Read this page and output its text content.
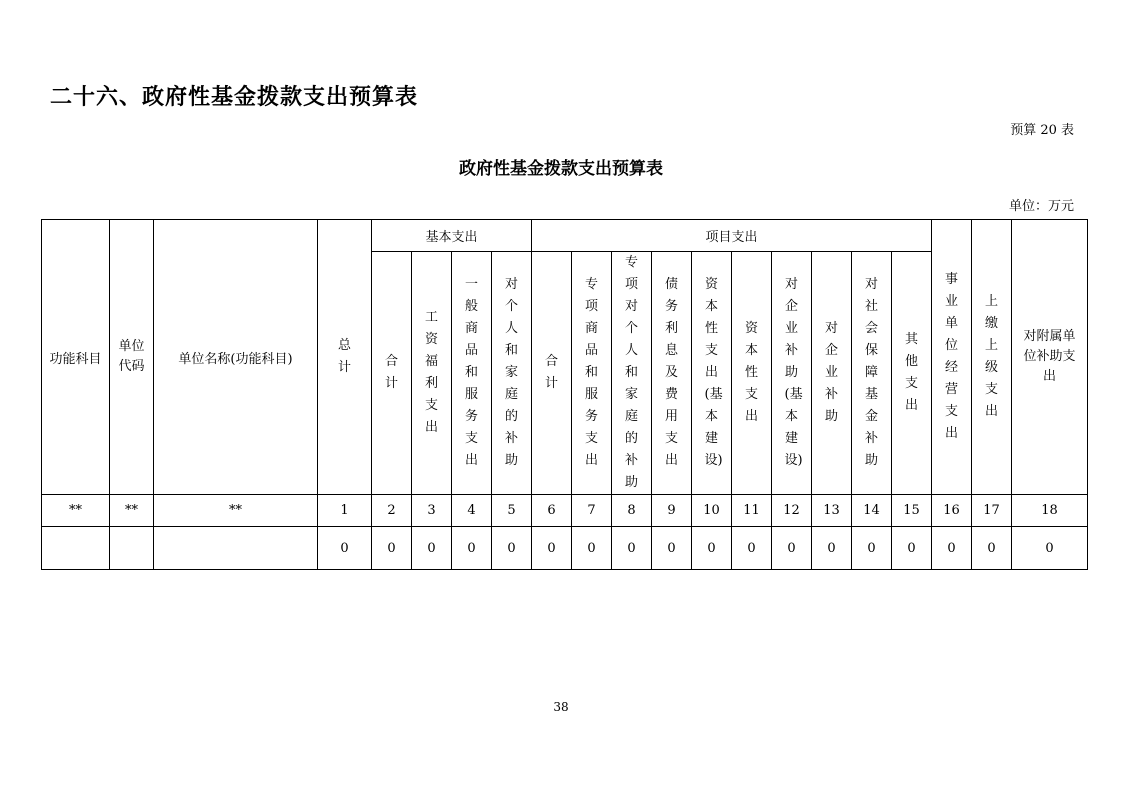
二十六、政府性基金拨款支出预算表
预算 20 表
政府性基金拨款支出预算表
单位：万元
功能科目	单位代码	单位名称(功能科目)	总计	基本支出				项目支出										事业单位经营支出	上缴上级支出	对附属单位补助支出
				合计	工资福利支出	一般商品和服务支出	对个人和家庭的补助	合计	专项商品和服务支出	专项对个人和家庭的补助	债务利息及费用支出	资本性支出(基本建设)	资本性支出	对企业补助(基本建设)	对企业补助	对社会保障基金补助	其他支出			
**	**	**	1	2	3	4	5	6	7	8	9	10	11	12	13	14	15	16	17	18
			0	0	0	0	0	0	0	0	0	0	0	0	0	0	0	0	0	0
38
